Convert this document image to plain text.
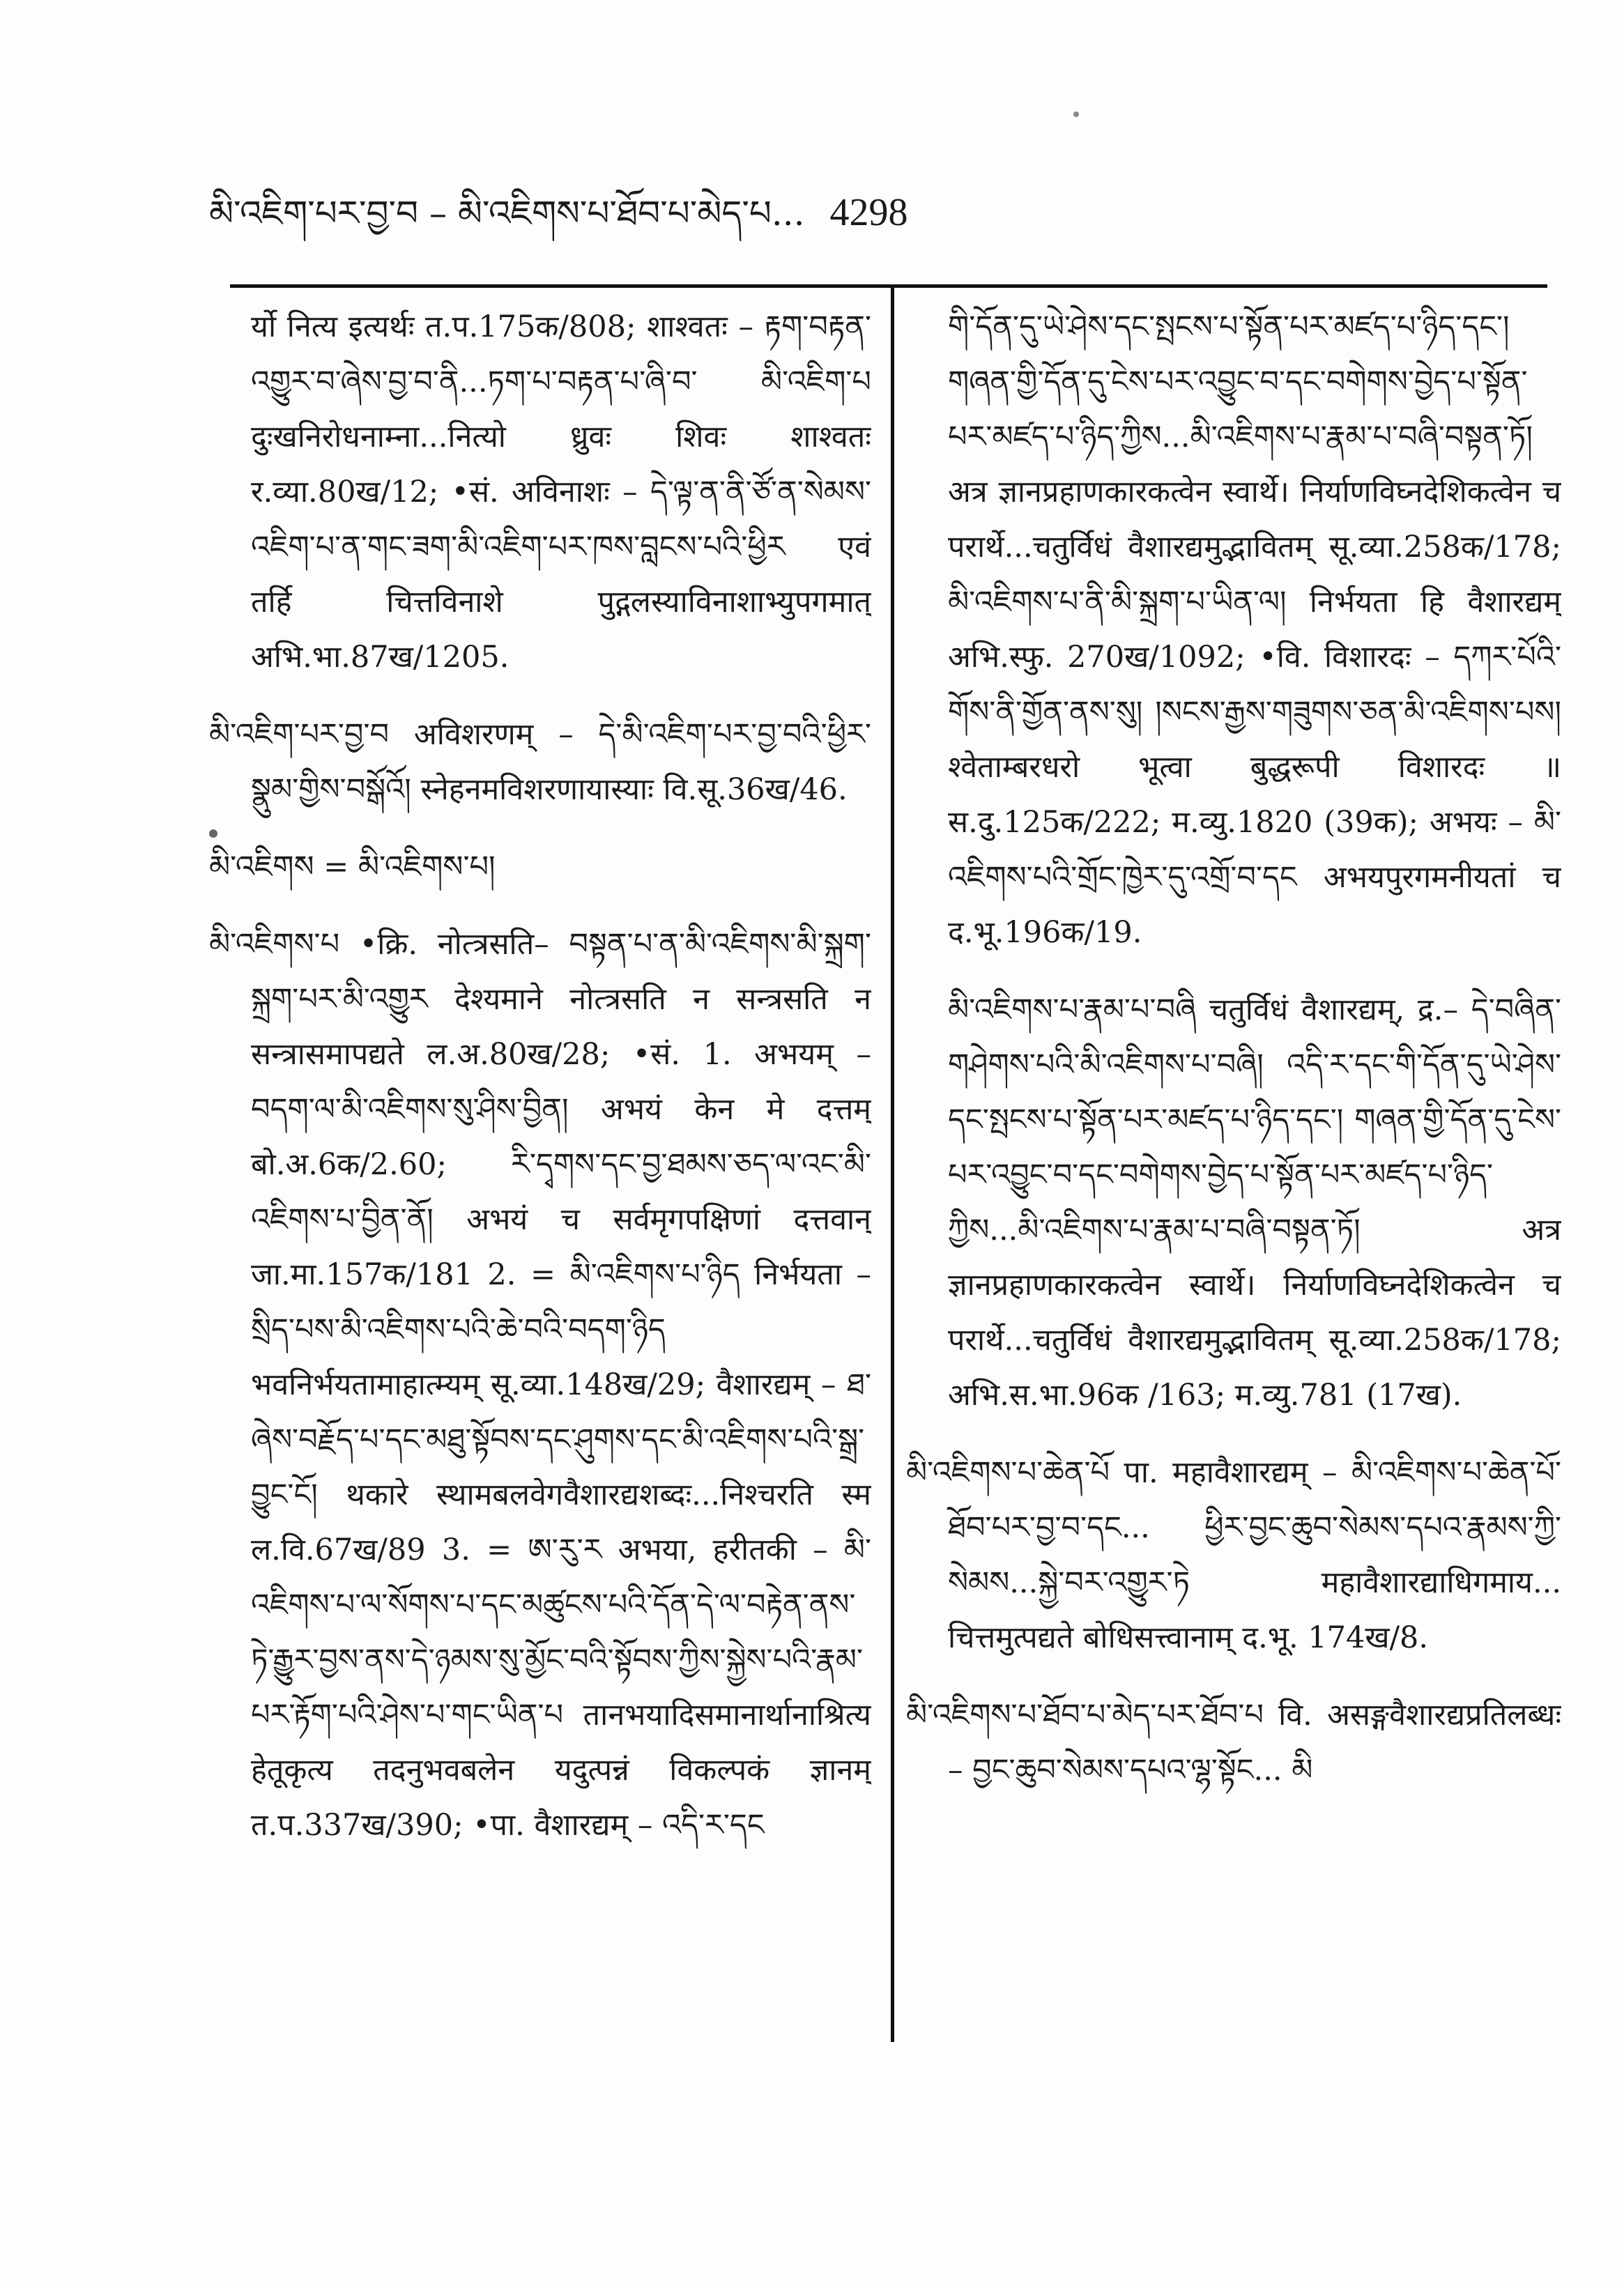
མི་འཇིག་པར་བྱ་བ – མི་འཇིགས་པ་ཐོབ་པ་མེད་པ... 4298

र्यो नित्य इत्यर्थः त.प.175क/808; शाश्वतः – རྟག་བརྟན་འགྱུར་བ་ཞེས་བྱ་བ་ནི...ཏག་པ་བརྟན་པ་ཞི་བ་ མི་འཇིག་པ दुःखनिरोधनाम्ना...नित्यो ध्रुवः शिवः शाश्वतः र.व्या.80ख/12; •सं. अविनाशः – དེ་ལྟ་ན་ནི་ཙོ་ན་སེམས་འཇིག་པ་ན་གང་ཟག་མི་འཇིག་པར་ཁས་བླངས་པའི་ཕྱིར एवं तर्हि चित्तविनाशे पुद्गलस्याविनाशाभ्युपगमात् अभि.भा.87ख/1205.

མི་འཇིག་པར་བྱ་བ अविशरणम् – དེ་མི་འཇིག་པར་བྱ་བའི་ཕྱིར་སྣུམ་གྱིས་བསྒོའོ། स्नेहनमविशरणायास्याः वि.सू.36ख/46.

མི་འཇིགས = མི་འཇིགས་པ།

མི་འཇིགས་པ •क्रि. नोत्त्रसति– བསྟན་པ་ན་མི་འཇིགས་མི་སྐྲག་སྐྲག་པར་མི་འགྱུར देश्यमाने नोत्त्रसति न सन्त्रसति न सन्त्रासमापद्यते ल.अ.80ख/28; •सं. 1. अभयम् – བདག་ལ་མི་འཇིགས་སུ་ཤིས་བྱིན། अभयं केन मे दत्तम् बो.अ.6क/2.60; རི་དྭགས་དང་བྱ་ཐམས་ཅད་ལ་འང་མི་འཇིགས་པ་བྱིན་ནོ། अभयं च सर्वमृगपक्षिणां दत्तवान् जा.मा.157क/181 2. = མི་འཇིགས་པ་ཉིད निर्भयता – སྲིད་པས་མི་འཇིགས་པའི་ཆེ་བའི་བདག་ཉིད भवनिर्भयतामाहात्म्यम् सू.व्या.148ख/29; वैशारद्यम् – ཐ་ཞེས་བརྗོད་པ་དང་མཐུ་སྟོབས་དང་ཤུགས་དང་མི་འཇིགས་པའི་སྒྲ་བྱུང་ངོ། थकारे स्थामबलवेगवैशारद्यशब्दः...निश्चरति स्म ल.वि.67ख/89 3. = ཨ་རུ་ར अभया, हरीतकी – མི་འཇིགས་པ་ལ་སོགས་པ་དང་མཚུངས་པའི་དོན་དེ་ལ་བརྟེན་ནས་ཏེ་རྒྱུར་བྱས་ནས་དེ་ཉམས་སུ་མྱོང་བའི་སྟོབས་ཀྱིས་སྐྱེས་པའི་རྣམ་པར་རྟོག་པའི་ཤེས་པ་གང་ཡིན་པ तानभयादिसमानार्थानाश्रित्य हेतूकृत्य तदनुभवबलेन यदुत्पन्नं विकल्पकं ज्ञानम् त.प.337ख/390; •पा. वैशारद्यम् – འདི་ར་དང

གི་དོན་དུ་ཡེ་ཤེས་དང་སྤངས་པ་སྟོན་པར་མཛད་པ་ཉིད་དང་། གཞན་གྱི་དོན་དུ་ངེས་པར་འབྱུང་བ་དང་བགེགས་བྱེད་པ་སྟོན་པར་མཛད་པ་ཉིད་ཀྱིས...མི་འཇིགས་པ་རྣམ་པ་བཞི་བསྟན་ཏོ། अत्र ज्ञानप्रहाणकारकत्वेन स्वार्थे। निर्याणविघ्नदेशिकत्वेन च परार्थे...चतुर्विधं वैशारद्यमुद्भावितम् सू.व्या.258क/178; མི་འཇིགས་པ་ནི་མི་སྐྲག་པ་ཡིན་ལ། निर्भयता हि वैशारद्यम् अभि.स्फु. 270ख/1092; •वि. विशारदः – དཀར་པོའི་གོས་ནི་གྱོན་ནས་སུ། །སངས་རྒྱས་གཟུགས་ཅན་མི་འཇིགས་པས། श्वेताम्बरधरो भूत्वा बुद्धरूपी विशारदः ॥ स.दु.125क/222; म.व्यु.1820 (39क); अभयः – མི་འཇིགས་པའི་གྲོང་ཁྱེར་དུ་འགྲོ་བ་དང अभयपुरगमनीयतां च द.भू.196क/19.

མི་འཇིགས་པ་རྣམ་པ་བཞི चतुर्विधं वैशारद्यम्, द्र.– དེ་བཞིན་གཤེགས་པའི་མི་འཇིགས་པ་བཞི། འདི་ར་དང་གི་དོན་དུ་ཡེ་ཤེས་དང་སྤངས་པ་སྟོན་པར་མཛད་པ་ཉིད་དང་། གཞན་གྱི་དོན་དུ་ངེས་པར་འབྱུང་བ་དང་བགེགས་བྱེད་པ་སྟོན་པར་མཛད་པ་ཉིད་ཀྱིས...མི་འཇིགས་པ་རྣམ་པ་བཞི་བསྟན་ཏོ། अत्र ज्ञानप्रहाणकारकत्वेन स्वार्थे। निर्याणविघ्नदेशिकत्वेन च परार्थे...चतुर्विधं वैशारद्यमुद्भावितम् सू.व्या.258क/178; अभि.स.भा.96क /163; म.व्यु.781 (17ख).

མི་འཇིགས་པ་ཆེན་པོ पा. महावैशारद्यम् – མི་འཇིགས་པ་ཆེན་པོ་ཐོབ་པར་བྱ་བ་དང... ཕྱིར་བྱང་ཆུབ་སེམས་དཔའ་རྣམས་ཀྱི་སེམས...སྐྱེ་བར་འགྱུར་ཏེ महावैशारद्याधिगमाय... चित्तमुत्पद्यते बोधिसत्त्वानाम् द.भू. 174ख/8.

མི་འཇིགས་པ་ཐོབ་པ་མེད་པར་ཐོབ་པ वि. असङ्गवैशारद्यप्रतिलब्धः – བྱང་ཆུབ་སེམས་དཔའ་ལྷ་སྟོང... མི
